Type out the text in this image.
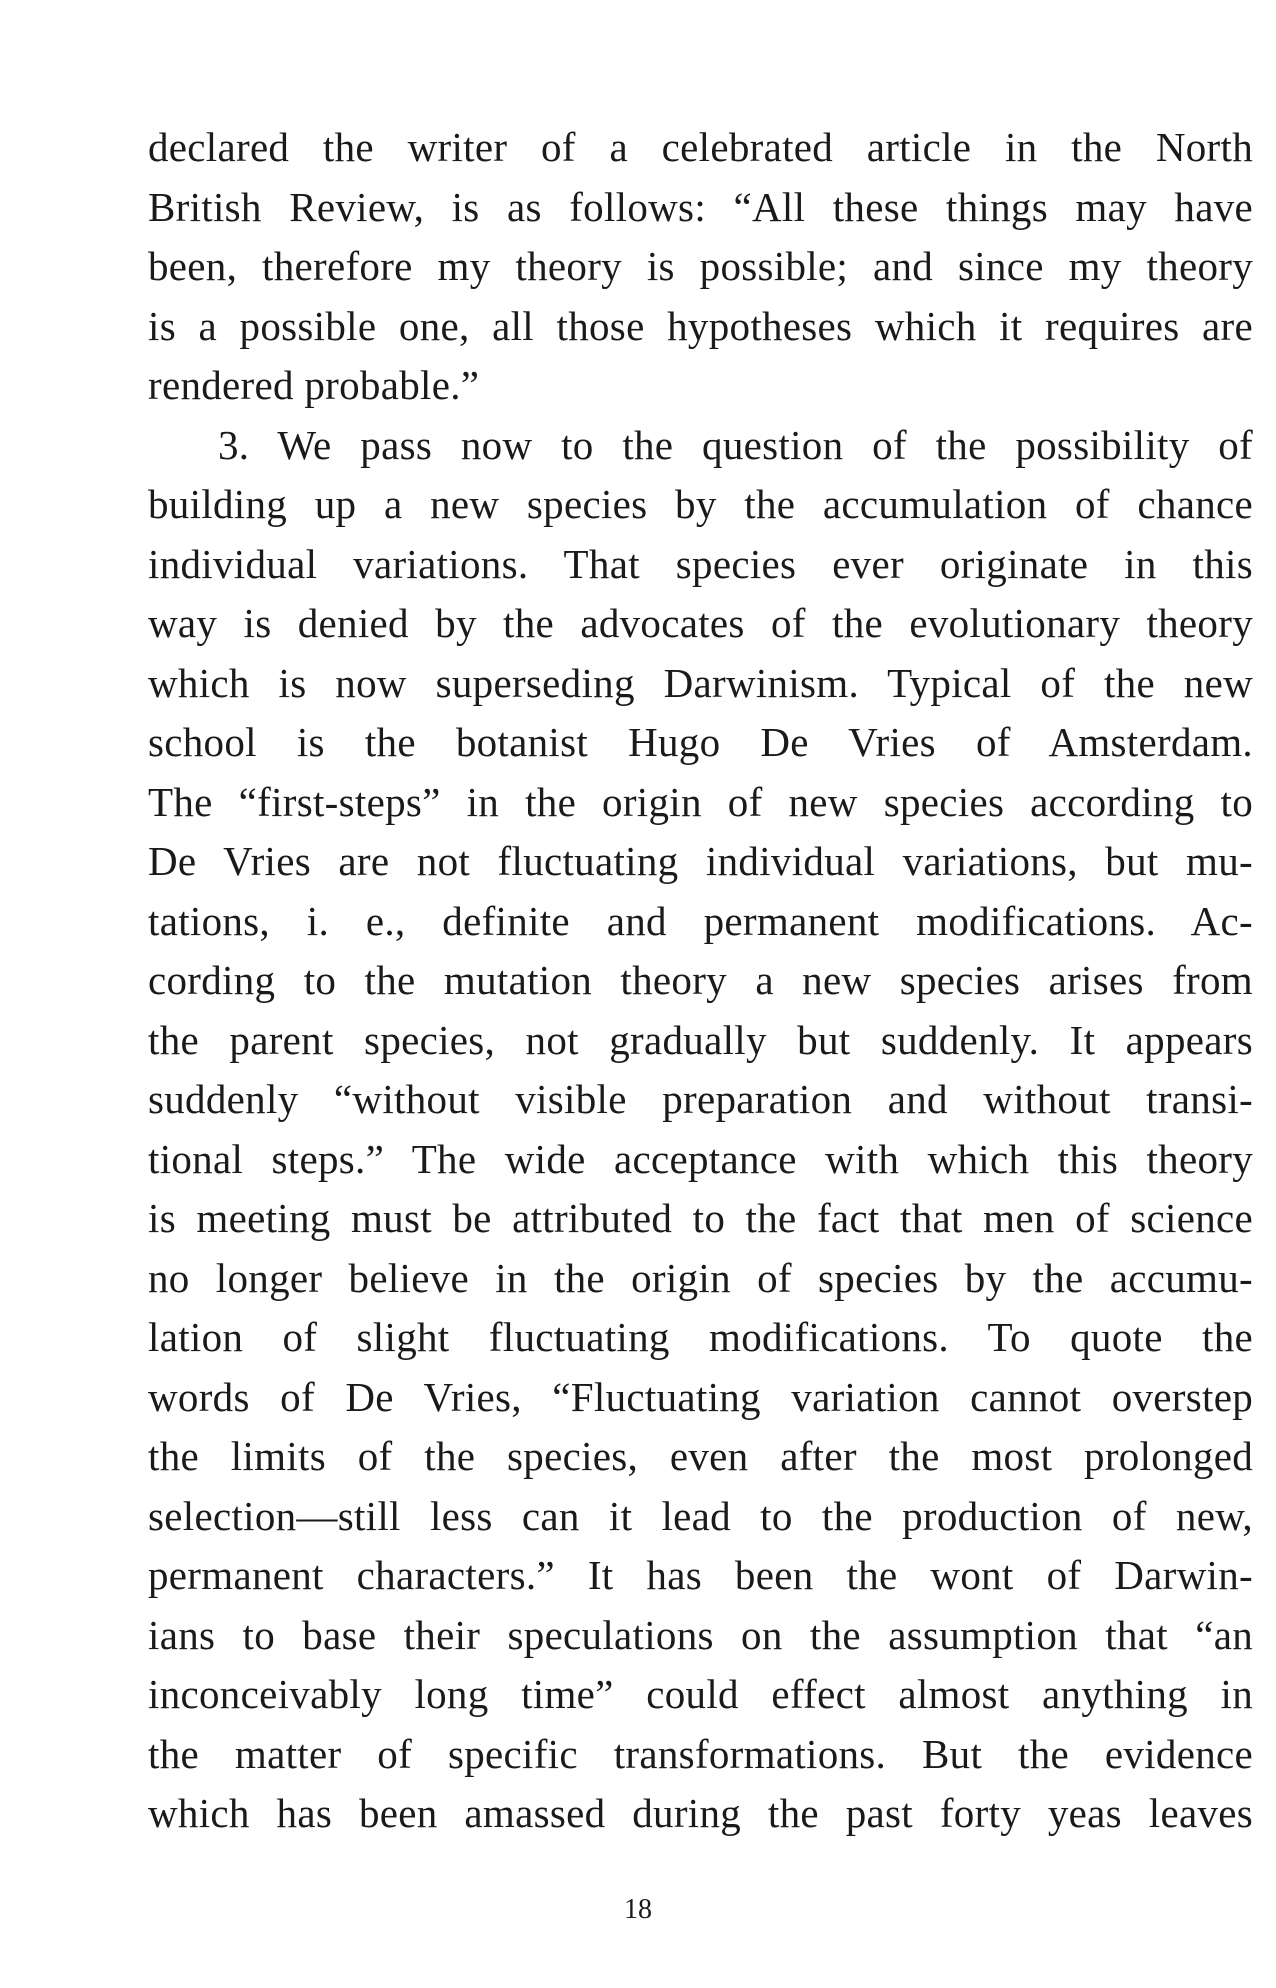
declared the writer of a celebrated article in the North
British Review, is as follows: “All these things may have
been, therefore my theory is possible; and since my theory
is a possible one, all those hypotheses which it requires are
rendered probable.”
3. We pass now to the question of the possibility of
building up a new species by the accumulation of chance
individual variations. That species ever originate in this
way is denied by the advocates of the evolutionary theory
which is now superseding Darwinism. Typical of the new
school is the botanist Hugo De Vries of Amsterdam.
The “first-steps” in the origin of new species according to
De Vries are not fluctuating individual variations, but mu-
tations, i. e., definite and permanent modifications. Ac-
cording to the mutation theory a new species arises from
the parent species, not gradually but suddenly. It appears
suddenly “without visible preparation and without transi-
tional steps.” The wide acceptance with which this theory
is meeting must be attributed to the fact that men of science
no longer believe in the origin of species by the accumu-
lation of slight fluctuating modifications. To quote the
words of De Vries, “Fluctuating variation cannot overstep
the limits of the species, even after the most prolonged
selection—still less can it lead to the production of new,
permanent characters.” It has been the wont of Darwin-
ians to base their speculations on the assumption that “an
inconceivably long time” could effect almost anything in
the matter of specific transformations. But the evidence
which has been amassed during the past forty yeas leaves
18
